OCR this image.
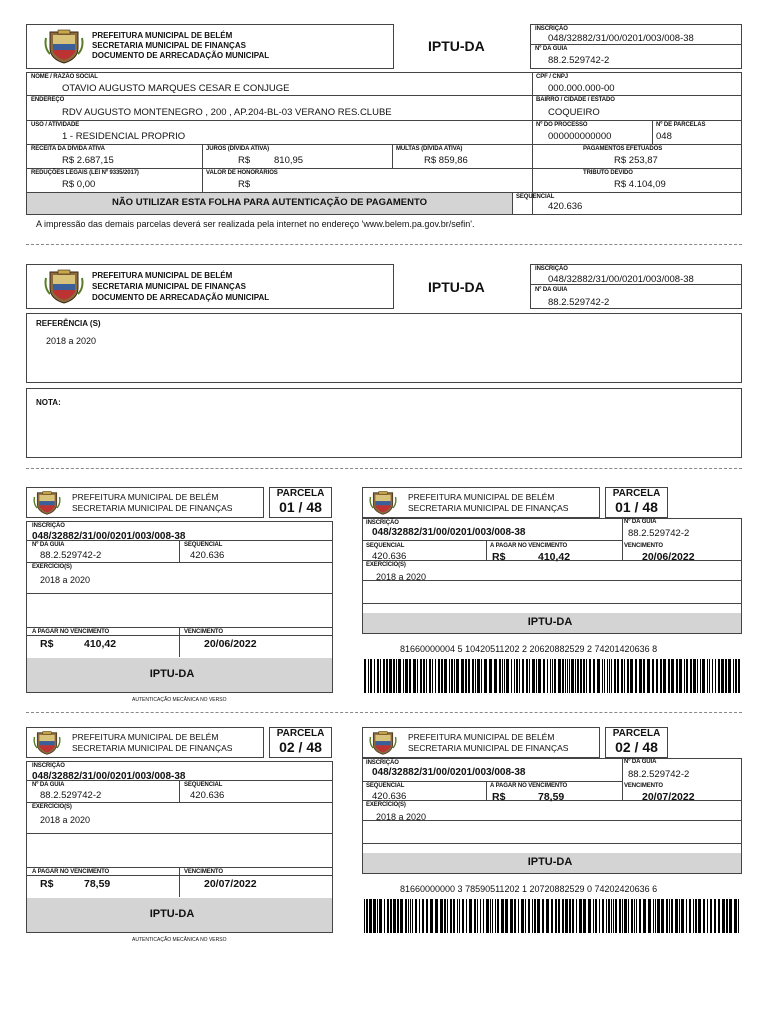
PREFEITURA MUNICIPAL DE BELÉM
SECRETARIA MUNICIPAL DE FINANÇAS
DOCUMENTO DE ARRECADAÇÃO MUNICIPAL
IPTU-DA
INSCRIÇÃO
048/32882/31/00/0201/003/008-38
Nº DA GUIA
88.2.529742-2
NOME / RAZÃO SOCIAL
OTAVIO AUGUSTO MARQUES CESAR E CONJUGE
CPF / CNPJ
000.000.000-00
ENDEREÇO
RDV AUGUSTO MONTENEGRO , 200 , AP.204-BL-03 VERANO RES.CLUBE
BAIRRO / CIDADE / ESTADO
COQUEIRO
USO / ATIVIDADE
1 - RESIDENCIAL PROPRIO
Nº DO PROCESSO
000000000000
Nº DE PARCELAS
048
RECEITA DA DÍVIDA ATIVA
R$ 2.687,15
JUROS (DÍVIDA ATIVA)
R$	810,95
MULTAS (DÍVIDA ATIVA)
R$ 859,86
PAGAMENTOS EFETUADOS
R$ 253,87
REDUÇÕES LEGAIS (LEI Nº 9335/2017)
R$ 0,00
VALOR DE HONORÁRIOS
R$
TRIBUTO DEVIDO
R$ 4.104,09
NÃO UTILIZAR ESTA FOLHA PARA AUTENTICAÇÃO DE PAGAMENTO	SEQUENCIAL
420.636
A impressão das demais parcelas deverá ser realizada pela internet no endereço 'www.belem.pa.gov.br/sefin'.
PREFEITURA MUNICIPAL DE BELÉM
SECRETARIA MUNICIPAL DE FINANÇAS
DOCUMENTO DE ARRECADAÇÃO MUNICIPAL
IPTU-DA
INSCRIÇÃO
048/32882/31/00/0201/003/008-38
Nº DA GUIA
88.2.529742-2
REFERÊNCIA (S)
2018 a 2020
NOTA:
PREFEITURA MUNICIPAL DE BELÉM
SECRETARIA MUNICIPAL DE FINANÇAS
PARCELA
01 / 48
INSCRIÇÃO
048/32882/31/00/0201/003/008-38
Nº DA GUIA
88.2.529742-2
SEQUENCIAL
420.636
EXERCÍCIO(S)
2018 a 2020
A PAGAR NO VENCIMENTO
R$	410,42
VENCIMENTO
20/06/2022
IPTU-DA
AUTENTICAÇÃO MECÂNICA NO VERSO
PREFEITURA MUNICIPAL DE BELÉM
SECRETARIA MUNICIPAL DE FINANÇAS
PARCELA
01 / 48
INSCRIÇÃO
048/32882/31/00/0201/003/008-38
Nº DA GUIA
88.2.529742-2
SEQUENCIAL
420.636
A PAGAR NO VENCIMENTO
R$	410,42
VENCIMENTO
20/06/2022
EXERCÍCIO(S)
2018 a 2020
IPTU-DA
81660000004 5 10420511202 2 20620882529 2 74201420636 8
PREFEITURA MUNICIPAL DE BELÉM
SECRETARIA MUNICIPAL DE FINANÇAS
PARCELA
02 / 48
INSCRIÇÃO
048/32882/31/00/0201/003/008-38
Nº DA GUIA
88.2.529742-2
SEQUENCIAL
420.636
EXERCÍCIO(S)
2018 a 2020
A PAGAR NO VENCIMENTO
R$	78,59
VENCIMENTO
20/07/2022
IPTU-DA
AUTENTICAÇÃO MECÂNICA NO VERSO
PREFEITURA MUNICIPAL DE BELÉM
SECRETARIA MUNICIPAL DE FINANÇAS
PARCELA
02 / 48
INSCRIÇÃO
048/32882/31/00/0201/003/008-38
Nº DA GUIA
88.2.529742-2
SEQUENCIAL
420.636
A PAGAR NO VENCIMENTO
R$	78,59
VENCIMENTO
20/07/2022
EXERCÍCIO(S)
2018 a 2020
IPTU-DA
81660000000 3 78590511202 1 20720882529 0 74202420636 6
